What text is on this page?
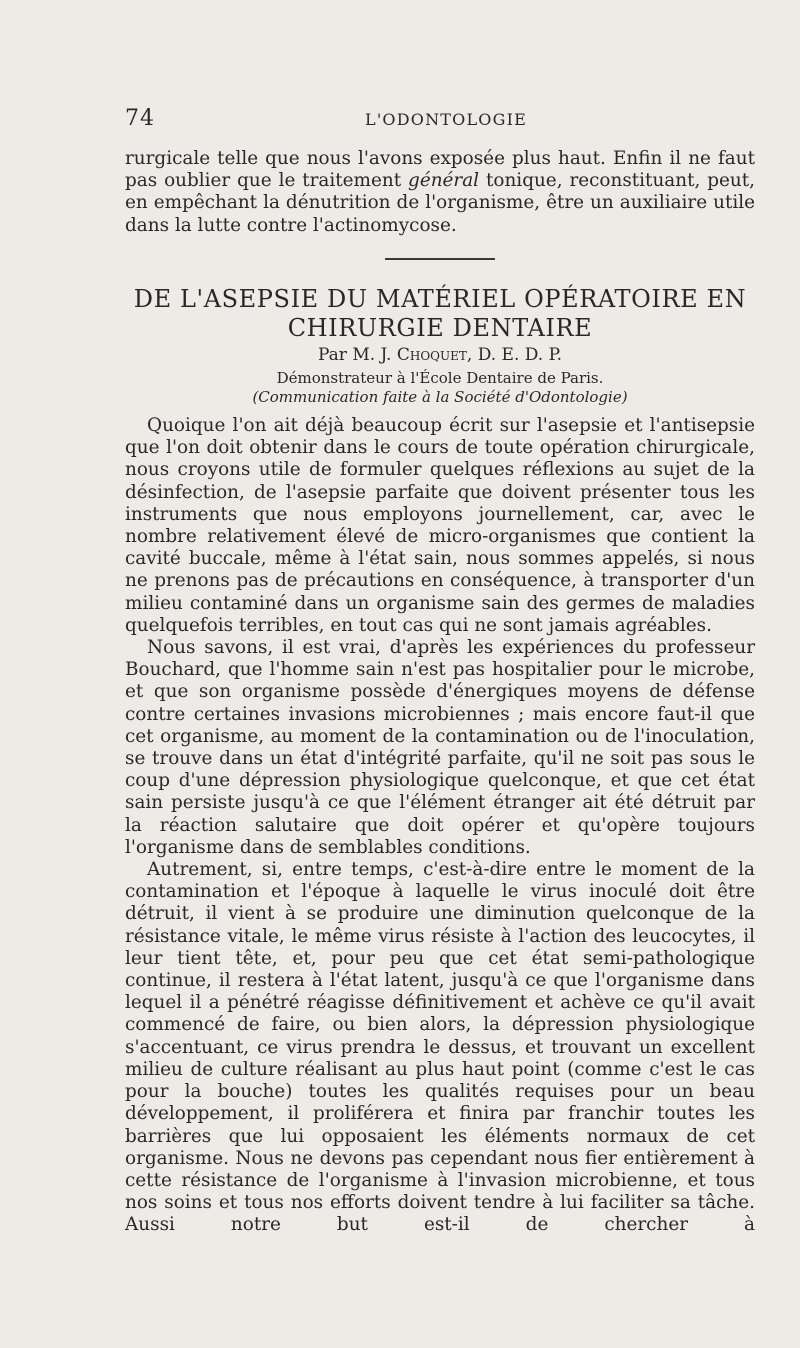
74	L'ODONTOLOGIE

rurgicale telle que nous l'avons exposée plus haut. Enfin il ne faut pas oublier que le traitement général tonique, reconstituant, peut, en empêchant la dénutrition de l'organisme, être un auxiliaire utile dans la lutte contre l'actinomycose.

DE L'ASEPSIE DU MATÉRIEL OPÉRATOIRE EN
CHIRURGIE DENTAIRE
Par M. J. Choquet, D. E. D. P.
Démonstrateur à l'École Dentaire de Paris.
(Communication faite à la Société d'Odontologie)

Quoique l'on ait déjà beaucoup écrit sur l'asepsie et l'antisepsie que l'on doit obtenir dans le cours de toute opération chirurgicale, nous croyons utile de formuler quelques réflexions au sujet de la désinfection, de l'asepsie parfaite que doivent présenter tous les instruments que nous employons journellement, car, avec le nombre relativement élevé de micro-organismes que contient la cavité buccale, même à l'état sain, nous sommes appelés, si nous ne prenons pas de précautions en conséquence, à transporter d'un milieu contaminé dans un organisme sain des germes de maladies quelquefois terribles, en tout cas qui ne sont jamais agréables.

Nous savons, il est vrai, d'après les expériences du professeur Bouchard, que l'homme sain n'est pas hospitalier pour le microbe, et que son organisme possède d'énergiques moyens de défense contre certaines invasions microbiennes ; mais encore faut-il que cet organisme, au moment de la contamination ou de l'inoculation, se trouve dans un état d'intégrité parfaite, qu'il ne soit pas sous le coup d'une dépression physiologique quelconque, et que cet état sain persiste jusqu'à ce que l'élément étranger ait été détruit par la réaction salutaire que doit opérer et qu'opère toujours l'organisme dans de semblables conditions.

Autrement, si, entre temps, c'est-à-dire entre le moment de la contamination et l'époque à laquelle le virus inoculé doit être détruit, il vient à se produire une diminution quelconque de la résistance vitale, le même virus résiste à l'action des leucocytes, il leur tient tête, et, pour peu que cet état semi-pathologique continue, il restera à l'état latent, jusqu'à ce que l'organisme dans lequel il a pénétré réagisse définitivement et achève ce qu'il avait commencé de faire, ou bien alors, la dépression physiologique s'accentuant, ce virus prendra le dessus, et trouvant un excellent milieu de culture réalisant au plus haut point (comme c'est le cas pour la bouche) toutes les qualités requises pour un beau développement, il proliférera et finira par franchir toutes les barrières que lui opposaient les éléments normaux de cet organisme. Nous ne devons pas cependant nous fier entièrement à cette résistance de l'organisme à l'invasion microbienne, et tous nos soins et tous nos efforts doivent tendre à lui faciliter sa tâche. Aussi notre but est-il de chercher à
